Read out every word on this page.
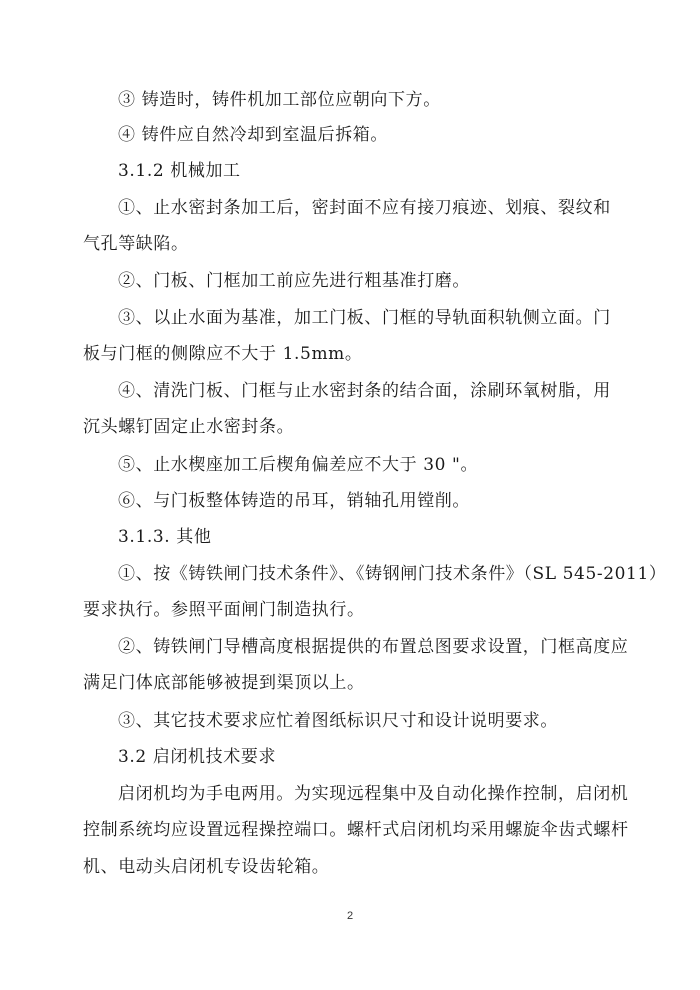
③ 铸造时，铸件机加工部位应朝向下方。
④ 铸件应自然冷却到室温后拆箱。
3.1.2 机械加工
①、止水密封条加工后，密封面不应有接刀痕迹、划痕、裂纹和
气孔等缺陷。
②、门板、门框加工前应先进行粗基准打磨。
③、以止水面为基准，加工门板、门框的导轨面积轨侧立面。门
板与门框的侧隙应不大于 1.5mm。
④、清洗门板、门框与止水密封条的结合面，涂刷环氧树脂，用
沉头螺钉固定止水密封条。
⑤、止水楔座加工后楔角偏差应不大于 30 "。
⑥、与门板整体铸造的吊耳，销轴孔用镗削。
3.1.3. 其他
①、按《铸铁闸门技术条件》、《铸钢闸门技术条件》（SL 545-2011）
要求执行。参照平面闸门制造执行。
②、铸铁闸门导槽高度根据提供的布置总图要求设置，门框高度应
满足门体底部能够被提到渠顶以上。
③、其它技术要求应忙着图纸标识尺寸和设计说明要求。
3.2 启闭机技术要求
启闭机均为手电两用。为实现远程集中及自动化操作控制，启闭机
控制系统均应设置远程操控端口。螺杆式启闭机均采用螺旋伞齿式螺杆
机、电动头启闭机专设齿轮箱。
2
